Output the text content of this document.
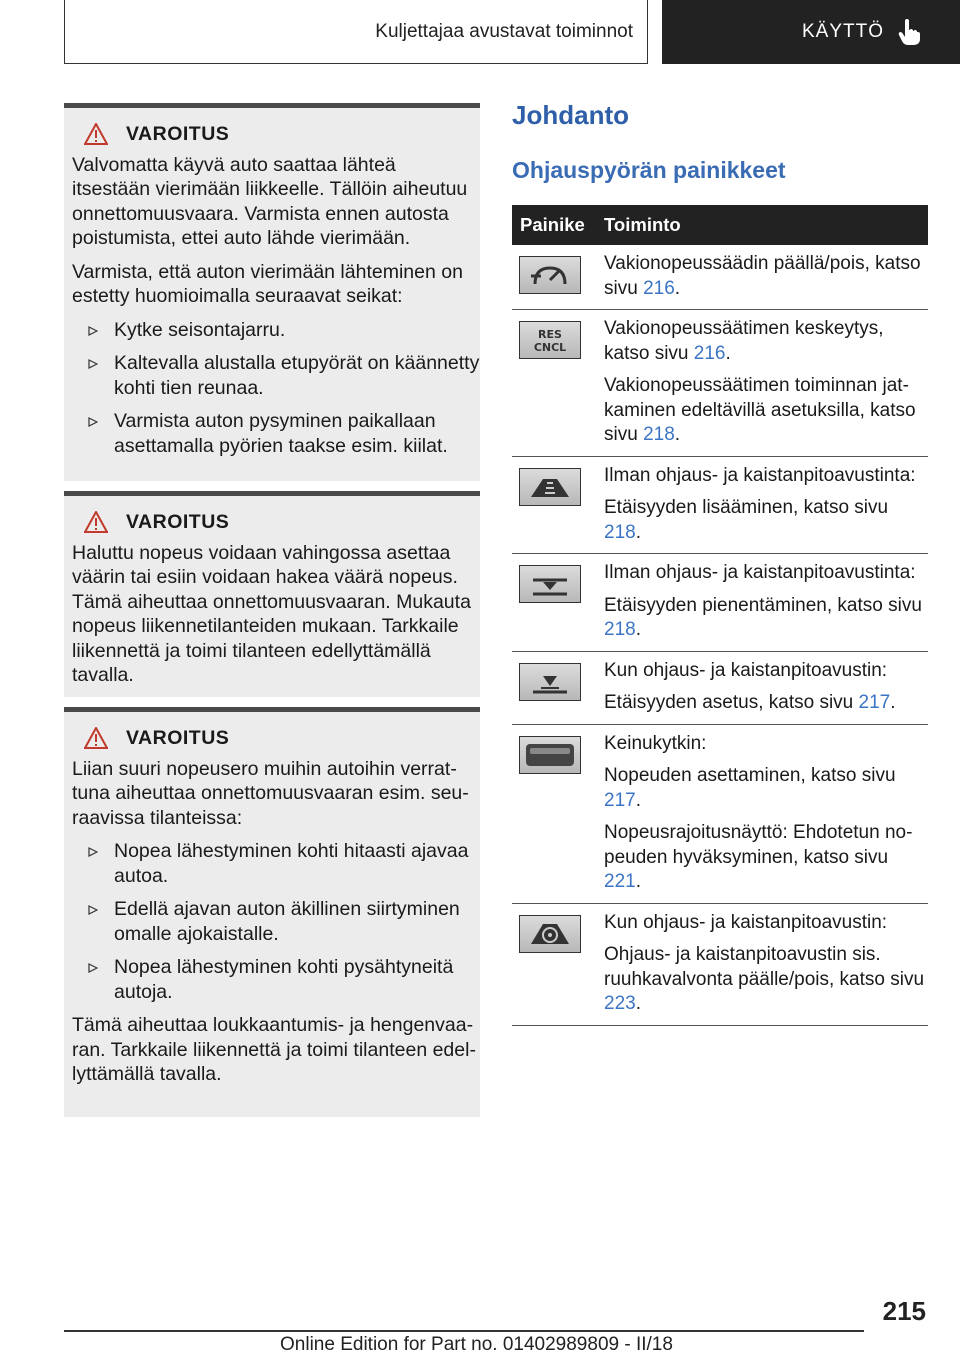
Kuljettajaa avustavat toiminnot	KÄYTTÖ
VAROITUS

Valvomatta käyvä auto saattaa lähteä itsestään vierimään liikkeelle. Tällöin aiheutuu onnettomuusvaara. Varmista ennen autosta poistumista, ettei auto lähde vierimään.

Varmista, että auton vierimään lähteminen on estetty huomioimalla seuraavat seikat:

Kytke seisontajarru.
Kaltevalla alustalla etupyörät on käännetty kohti tien reunaa.
Varmista auton pysyminen paikallaan asettamalla pyörien taakse esim. kiilat.
VAROITUS

Haluttu nopeus voidaan vahingossa asettaa väärin tai esiin voidaan hakea väärä nopeus. Tämä aiheuttaa onnettomuusvaaran. Mukauta nopeus liikennetilanteiden mukaan. Tarkkaile liikennettä ja toimi tilanteen edellyttämällä tavalla.

VAROITUS

Liian suuri nopeusero muihin autoihin verrattuna aiheuttaa onnettomuusvaaran esim. seuraavissa tilanteissa:

Nopea lähestyminen kohti hitaasti ajavaa autoa.
Edellä ajavan auton äkillinen siirtyminen omalle ajokaistalle.
Nopea lähestyminen kohti pysähtyneitä autoja.

Tämä aiheuttaa loukkaantumis- ja hengenvaaran. Tarkkaile liikennettä ja toimi tilanteen edellyttämällä tavalla.

Johdanto
Ohjauspyörän painikkeet
Painike	Toiminto

Vakionopeussäädin päällä/pois, katso sivu 216.

RES
CNCL

Vakionopeussäätimen keskeytys, katso sivu 216.

Vakionopeussäätimen toiminnan jatkaminen edeltävillä asetuksilla, katso sivu 218.

Ilman ohjaus- ja kaistanpitoavustinta:

Etäisyyden lisääminen, katso sivu 218.

Ilman ohjaus- ja kaistanpitoavustinta:

Etäisyyden pienentäminen, katso sivu 218.

Kun ohjaus- ja kaistanpitoavustin:

Etäisyyden asetus, katso sivu 217.

Keinukytkin:

Nopeuden asettaminen, katso sivu 217.

Nopeusrajoitusnäyttö: Ehdotetun nopeuden hyväksyminen, katso sivu 221.

Kun ohjaus- ja kaistanpitoavustin:

Ohjaus- ja kaistanpitoavustin sis. ruuhkavalvonta päälle/pois, katso sivu 223.

215
Online Edition for Part no. 01402989809 - II/18
